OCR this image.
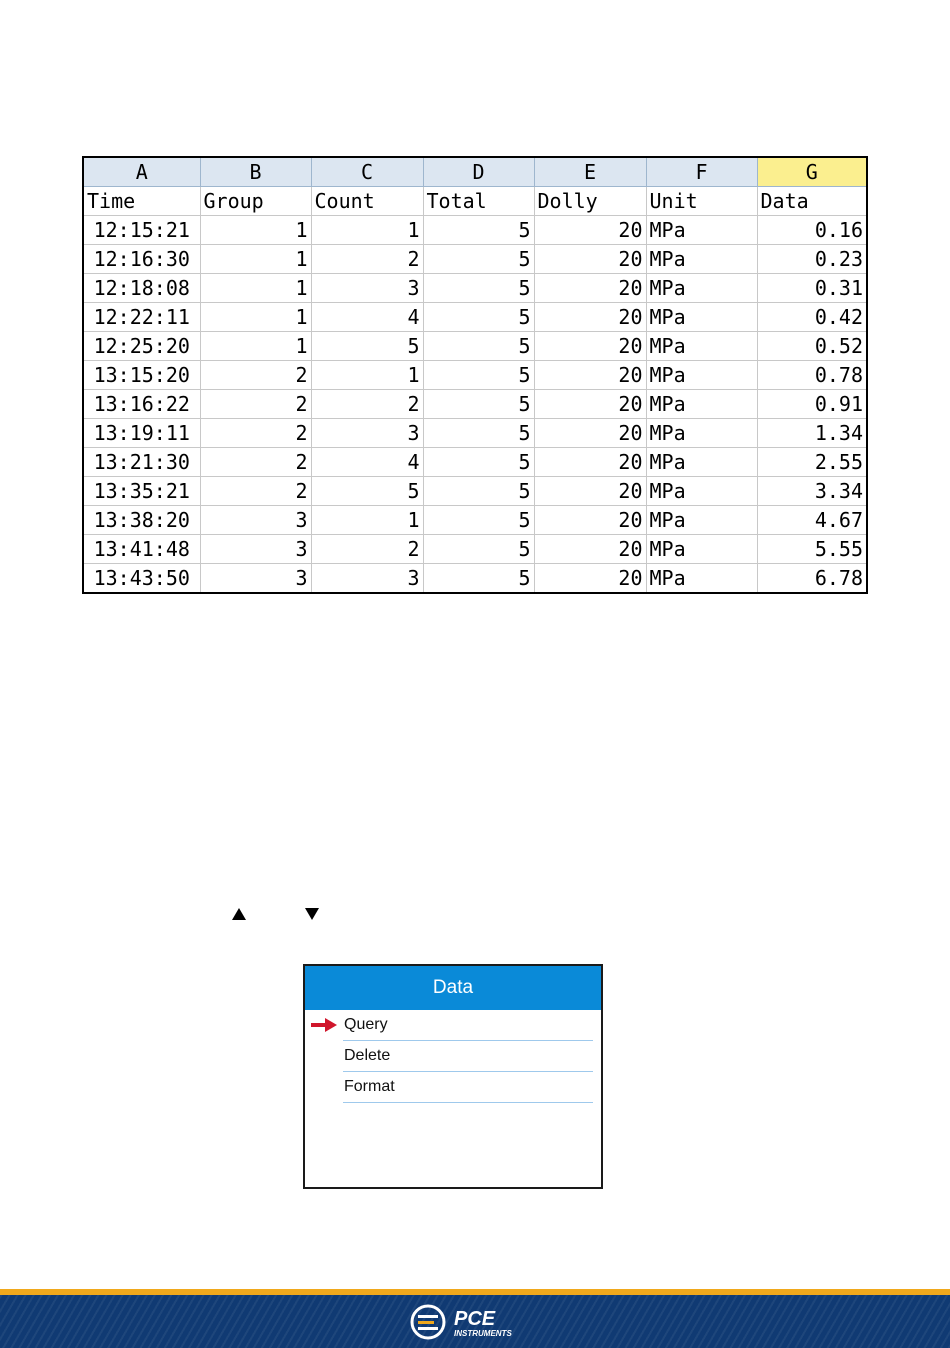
A	B	C	D	E	F	G
Time	Group	Count	Total	Dolly	Unit	Data
12:15:21	1	1	5	20	MPa	0.16
12:16:30	1	2	5	20	MPa	0.23
12:18:08	1	3	5	20	MPa	0.31
12:22:11	1	4	5	20	MPa	0.42
12:25:20	1	5	5	20	MPa	0.52
13:15:20	2	1	5	20	MPa	0.78
13:16:22	2	2	5	20	MPa	0.91
13:19:11	2	3	5	20	MPa	1.34
13:21:30	2	4	5	20	MPa	2.55
13:35:21	2	5	5	20	MPa	3.34
13:38:20	3	1	5	20	MPa	4.67
13:41:48	3	2	5	20	MPa	5.55
13:43:50	3	3	5	20	MPa	6.78
Data
Query
Delete
Format
PCE
INSTRUMENTS
